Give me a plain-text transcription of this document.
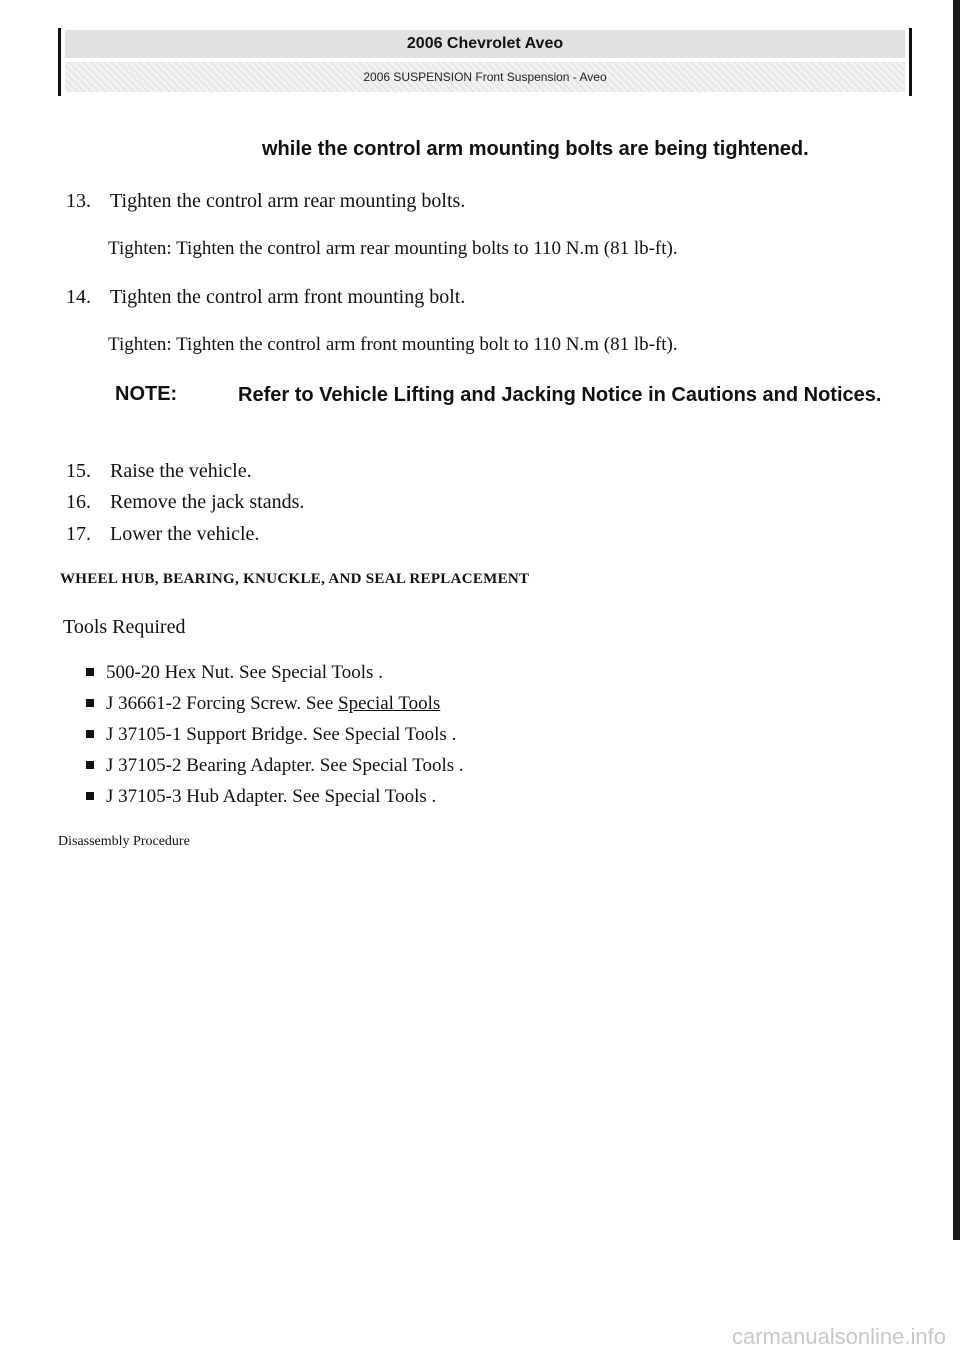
2006 Chevrolet Aveo
2006 SUSPENSION Front Suspension - Aveo
while the control arm mounting bolts are being tightened.
13. Tighten the control arm rear mounting bolts.
Tighten: Tighten the control arm rear mounting bolts to 110 N.m (81 lb-ft).
14. Tighten the control arm front mounting bolt.
Tighten: Tighten the control arm front mounting bolt to 110 N.m (81 lb-ft).
NOTE:	Refer to Vehicle Lifting and Jacking Notice in Cautions and Notices.
15. Raise the vehicle.
16. Remove the jack stands.
17. Lower the vehicle.
WHEEL HUB, BEARING, KNUCKLE, AND SEAL REPLACEMENT
Tools Required
500-20 Hex Nut. See Special Tools .
J 36661-2 Forcing Screw. See Special Tools
J 37105-1 Support Bridge. See Special Tools .
J 37105-2 Bearing Adapter. See Special Tools .
J 37105-3 Hub Adapter. See Special Tools .
Disassembly Procedure
carmanualsonline.info
